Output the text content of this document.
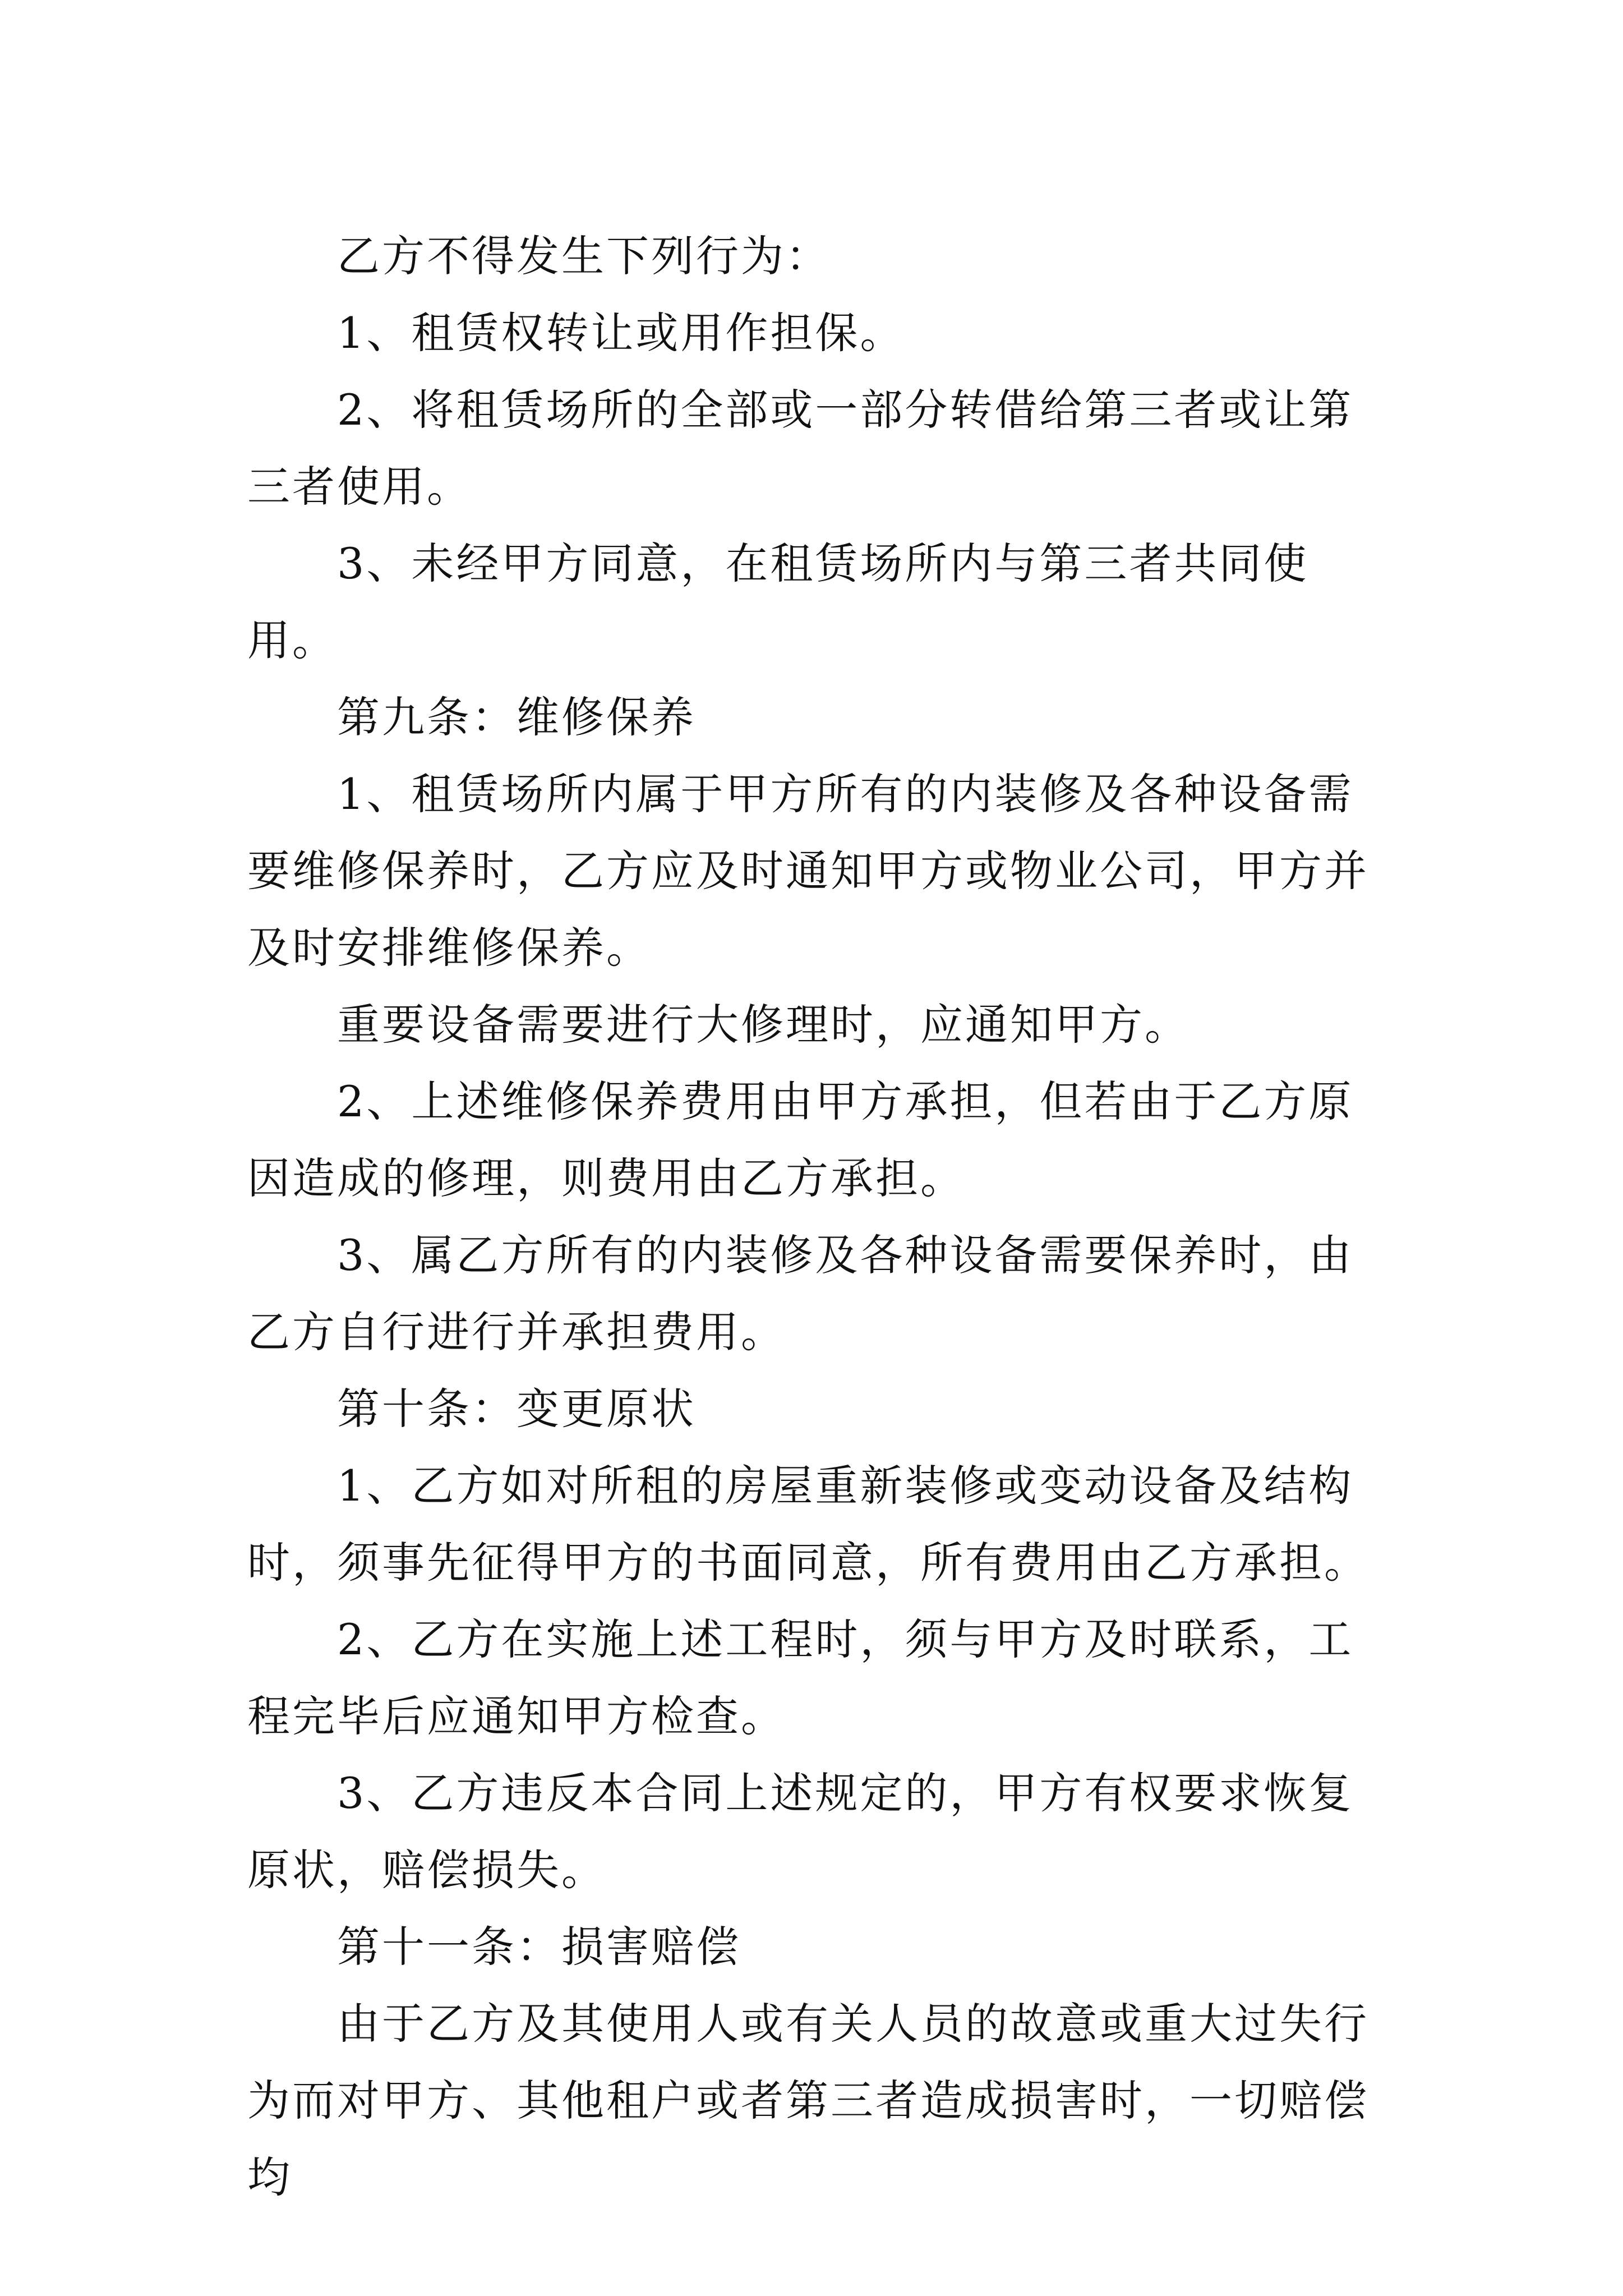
乙方不得发生下列行为：

1、租赁权转让或用作担保。

2、将租赁场所的全部或一部分转借给第三者或让第三者使用。

3、未经甲方同意，在租赁场所内与第三者共同使用。

第九条：维修保养

1、租赁场所内属于甲方所有的内装修及各种设备需要维修保养时，乙方应及时通知甲方或物业公司，甲方并及时安排维修保养。

重要设备需要进行大修理时，应通知甲方。

2、上述维修保养费用由甲方承担，但若由于乙方原因造成的修理，则费用由乙方承担。

3、属乙方所有的内装修及各种设备需要保养时，由乙方自行进行并承担费用。

第十条：变更原状

1、乙方如对所租的房屋重新装修或变动设备及结构时，须事先征得甲方的书面同意，所有费用由乙方承担。

2、乙方在实施上述工程时，须与甲方及时联系，工程完毕后应通知甲方检查。

3、乙方违反本合同上述规定的，甲方有权要求恢复原状，赔偿损失。

第十一条：损害赔偿

由于乙方及其使用人或有关人员的故意或重大过失行为而对甲方、其他租户或者第三者造成损害时，一切赔偿均
